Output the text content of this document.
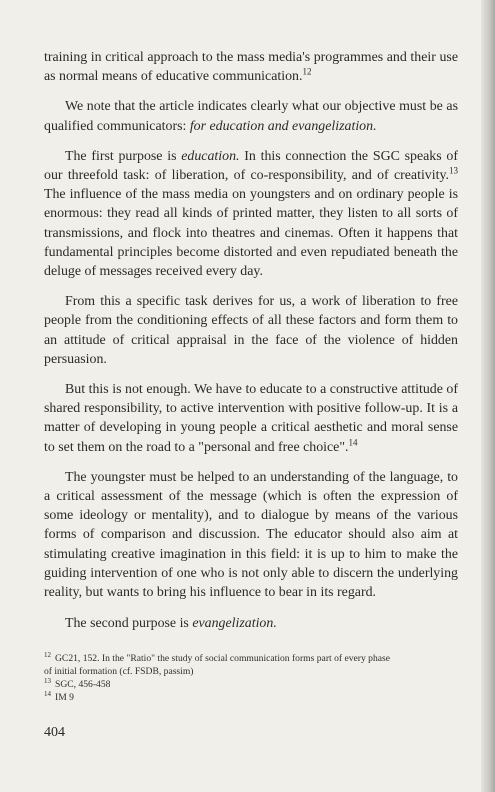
training in critical approach to the mass media's programmes and their use as normal means of educative communication.$^{12}$

We note that the article indicates clearly what our objective must be as qualified communicators: for education and evangelization.

The first purpose is education. In this connection the SGC speaks of our threefold task: of liberation, of co-responsibility, and of creativity.$^{13}$ The influence of the mass media on youngsters and on ordinary people is enormous: they read all kinds of printed matter, they listen to all sorts of transmissions, and flock into theatres and cinemas. Often it happens that fundamental principles become distorted and even repudiated beneath the deluge of messages received every day.

From this a specific task derives for us, a work of liberation to free people from the conditioning effects of all these factors and form them to an attitude of critical appraisal in the face of the violence of hidden persuasion.

But this is not enough. We have to educate to a constructive attitude of shared responsibility, to active intervention with positive follow-up. It is a matter of developing in young people a critical aesthetic and moral sense to set them on the road to a "personal and free choice".$^{14}$

The youngster must be helped to an understanding of the language, to a critical assessment of the message (which is often the expression of some ideology or mentality), and to dialogue by means of the various forms of comparison and discussion. The educator should also aim at stimulating creative imagination in this field: it is up to him to make the guiding intervention of one who is not only able to discern the underlying reality, but wants to bring his influence to bear in its regard.

The second purpose is evangelization.

$^{12}$ GC21, 152. In the "Ratio" the study of social communication forms part of every phase

of initial formation (cf. FSDB, passim)

$^{13}$ SGC, 456-458

$^{14}$ IM 9

404
